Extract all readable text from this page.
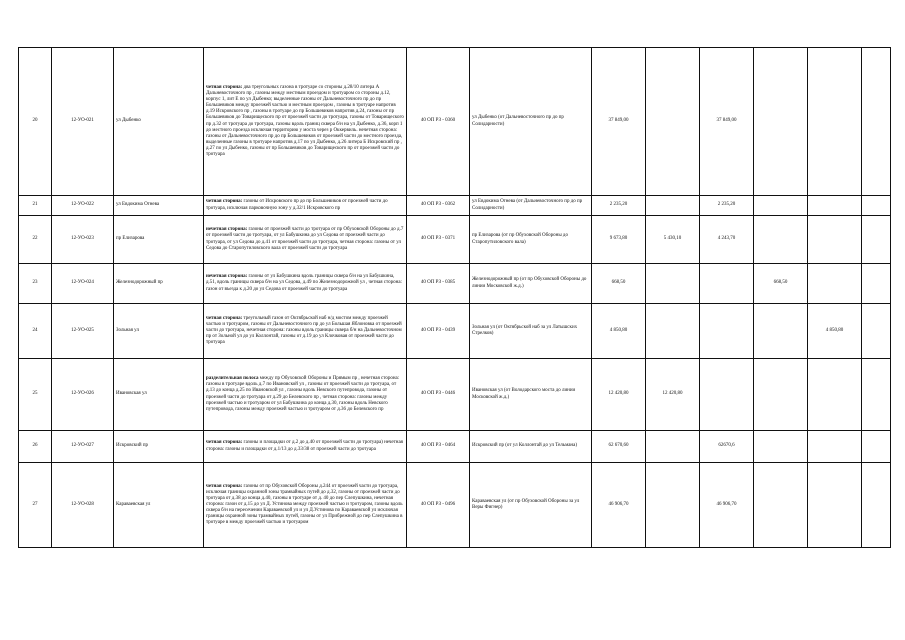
20	12-УО-021	ул Дыбенко	четная сторона: два треугольных газона в тротуаре со стороны д.28/10 литера А Дальневосточного пр , газоны между местным проездом и тротуаром со стороны д.12, корпус 1, лит Е по ул Дыбенко; выделенные газоны от Дальневосточного пр до пр Большевиков между проезжей частью и местным проездом , газоны в тротуаре напротив д.19 Искровского пр , газоны в тротуаре до пр Большевиков напротив д.24, газоны от пр Большевиков до Товарищеского пр от проезжей части до тротуара, газоны от Товарищеского пр д.32 от тротуара до тротуара, газоны вдоль границ сквера б/н на ул Дыбенко, д.36, корп 1 до местного проезда исключая территорию у моста через р Оккервиль. нечетная сторона: газоны от Дальневосточного пр до пр Большевиков от проезжей части до местного проезда, выделенные газоны в тротуаре напротив д.17 по ул Дыбенко, д.26 литера Б Искровский пр , д.27 по ул Дыбенко, газоны от пр Большевиков до Товарищеского пр от проезжей части до тротуара	40 ОП РЗ - 0360	ул Дыбенко (от Дальневосточного пр до пр Солидарности)	37 849,00		37 849,00			
21	12-УО-022	ул Евдокима Огнева	четная сторона: газоны от Искровского пр до пр Большевиков от проезжей части до тротуара, исключая парковочную зону у д.32/1 Искровского пр	40 ОП РЗ - 0362	ул Евдокима Огнева (от Дальневосточного пр до пр Солидарности)	2 235,20		2 235,20			
22	12-УО-023	пр Елизарова	нечетная сторона: газоны от проезжей части до тротуара от пр Обуховской Обороны до д.7 от проезжей части до тротуара, от ул Бабушкина до ул Седова от проезжей части до тротуара, от ул Седова до д.41 от проезжей части до тротуара, четная сторона: газоны от ул Седова до Старопутиловского вала от проезжей части до тротуара	40 ОП РЗ - 0371	пр Елизарова (от пр Обуховской Обороны до Старопутиловского вала)	9 673,80	5 430,10	4 243,70			
23	12-УО-024	Железнодорожный пр	нечетная сторона: газоны от ул Бабушкина вдоль границы сквера б/н на ул Бабушкина, д.51, вдоль границы сквера б/н на ул Седова, д.49 по Железнодорожной ул , четная сторона: газон от въезда к д.20 до ул Седова от проезжей части до тротуара	40 ОП РЗ - 0385	Железнодорожный пр (от пр Обуховской Обороны до линии Московской ж.д.)	668,50			668,50		
24	12-УО-025	Зольная ул	четная сторона: треугольный газон от Октябрьской наб н/д мостом между проезжей частью и тротуаром, газоны от Дальневосточного пр до ул Большая Яблоновка от проезжей части до тротуара, нечетная сторона: газоны вдоль границы сквера б/н на Дальневосточном пр от Зольной ул до ул Коллонтай, газоны от д.19 до ул Клочковая от проезжей части до тротуара	40 ОП РЗ - 0439	Зольная ул (от Октябрьской наб за ул Латышских Стрелков)	4 850,80				4 850,80	
25	12-УО-026	Ивановская ул	разделительная полоса между пр Обуховской Обороны и Прямым пр , нечетная сторона: газоны в тротуаре вдоль д.7 по Ивановской ул , газоны от проезжей части до тротуара, от д.13 до конца д.25 по Ивановской ул , газоны вдоль Невского путепровода, газоны от проезжей части до тротуара от д.29 до Белевского пр , четная сторона: газоны между проезжей частью и тротуаром от ул Бабушкина до конца д.30, газоны вдоль Невского путепровода, газоны между проезжей частью и тротуаром от д.36 до Белевского пр	40 ОП РЗ - 0446	Ивановская ул (от Володарского моста до линии Московской ж.д.)	12 420,80	12 420,80				
26	12-УО-027	Искровский пр	четная сторона: газоны и площадки от д.2 до д.40 от проезжей части до тротуара) нечетная сторона: газоны и площадки от д.1/13 до д.33/38 от проезжей части до тротуара	40 ОП РЗ - 0464	Искровский пр (от ул Коллонтай до ул Тельмана)	62 670,60		62670,6			
27	12-УО-028	Караваевская ул	четная сторона: газоны от пр Обуховской Обороны д.244 от проезжей части до тротуара, исключая границы охранной зоны трамвайных путей до д.32, газоны от проезжей части до тротуара от д.38 до конца д.40, газоны в тротуаре от д. 40 до пер Слепушкина, нечетная сторона: газон от д.15 до ул Д. Устинова между проезжей частью и тротуаром, газоны вдоль сквера б/н на пересечении Караваевской ул и ул Д.Устинова по Караваевской ул исключая границы охранной зоны трамвайных путей, газоны от ул Прибрежной до пер Слепушкина в тротуаре в между проезжей частью и тротуаром	40 ОП РЗ - 0496	Караваевская ул (от пр Обуховской Обороны за ул Веры Фигнер)	46 906,70		46 906,70			
